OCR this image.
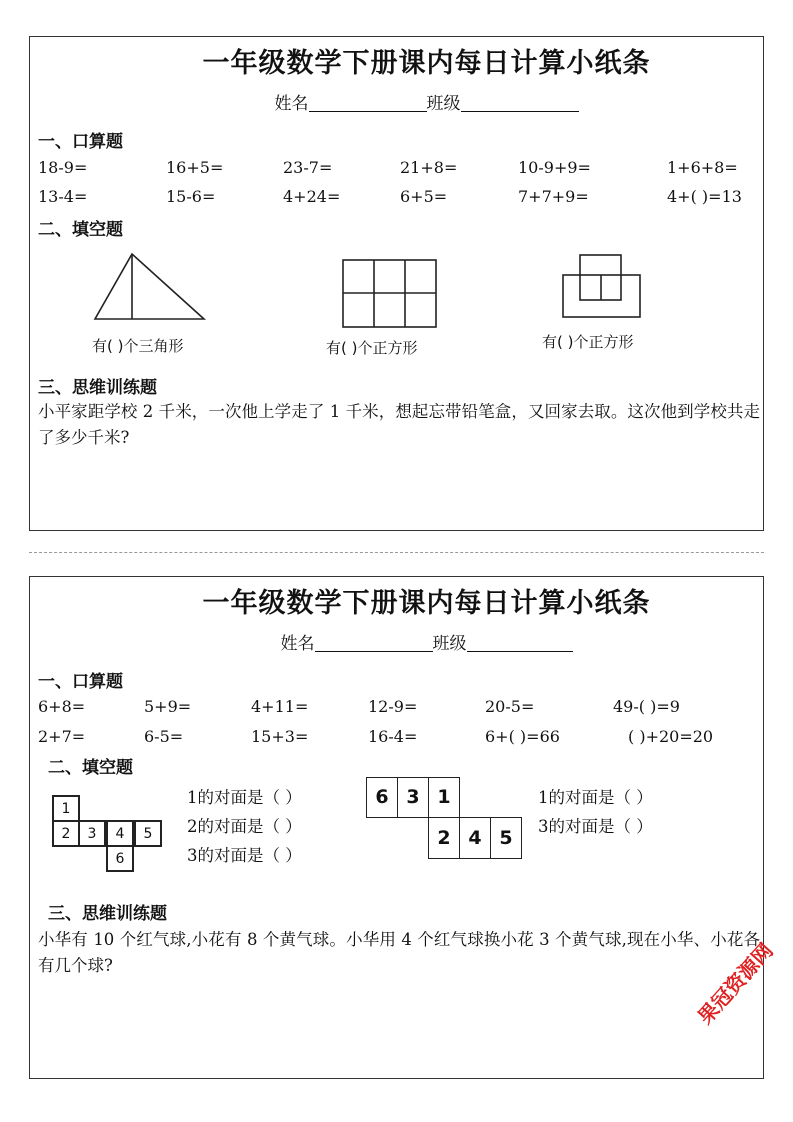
一年级数学下册课内每日计算小纸条
姓名	班级
一、口算题
18-9=	16+5=	23-7=	21+8=	10-9+9=	1+6+8=
13-4=	15-6=	4+24=	6+5=	7+7+9=	4+( )=13
二、填空题
有( )个三角形	有( )个正方形	有( )个正方形
三、思维训练题
小平家距学校 2 千米，一次他上学走了 1 千米，想起忘带铅笔盒，又回家去取。这次他到学校共走了多少千米?
一年级数学下册课内每日计算小纸条
姓名	班级
一、口算题
6+8=	5+9=	4+11=	12-9=	20-5=	49-( )=9
2+7=	6-5=	15+3=	16-4=	6+( )=66	( )+20=20
二、填空题
1
2	3	4	5
6
1的对面是（ ）
2的对面是（ ）
3的对面是（ ）
6 3 1
2 4 5
1的对面是（ ）
3的对面是（ ）
三、思维训练题
小华有 10 个红气球,小花有 8 个黄气球。小华用 4 个红气球换小花 3 个黄气球,现在小华、小花各有几个球?	果冠资源网
